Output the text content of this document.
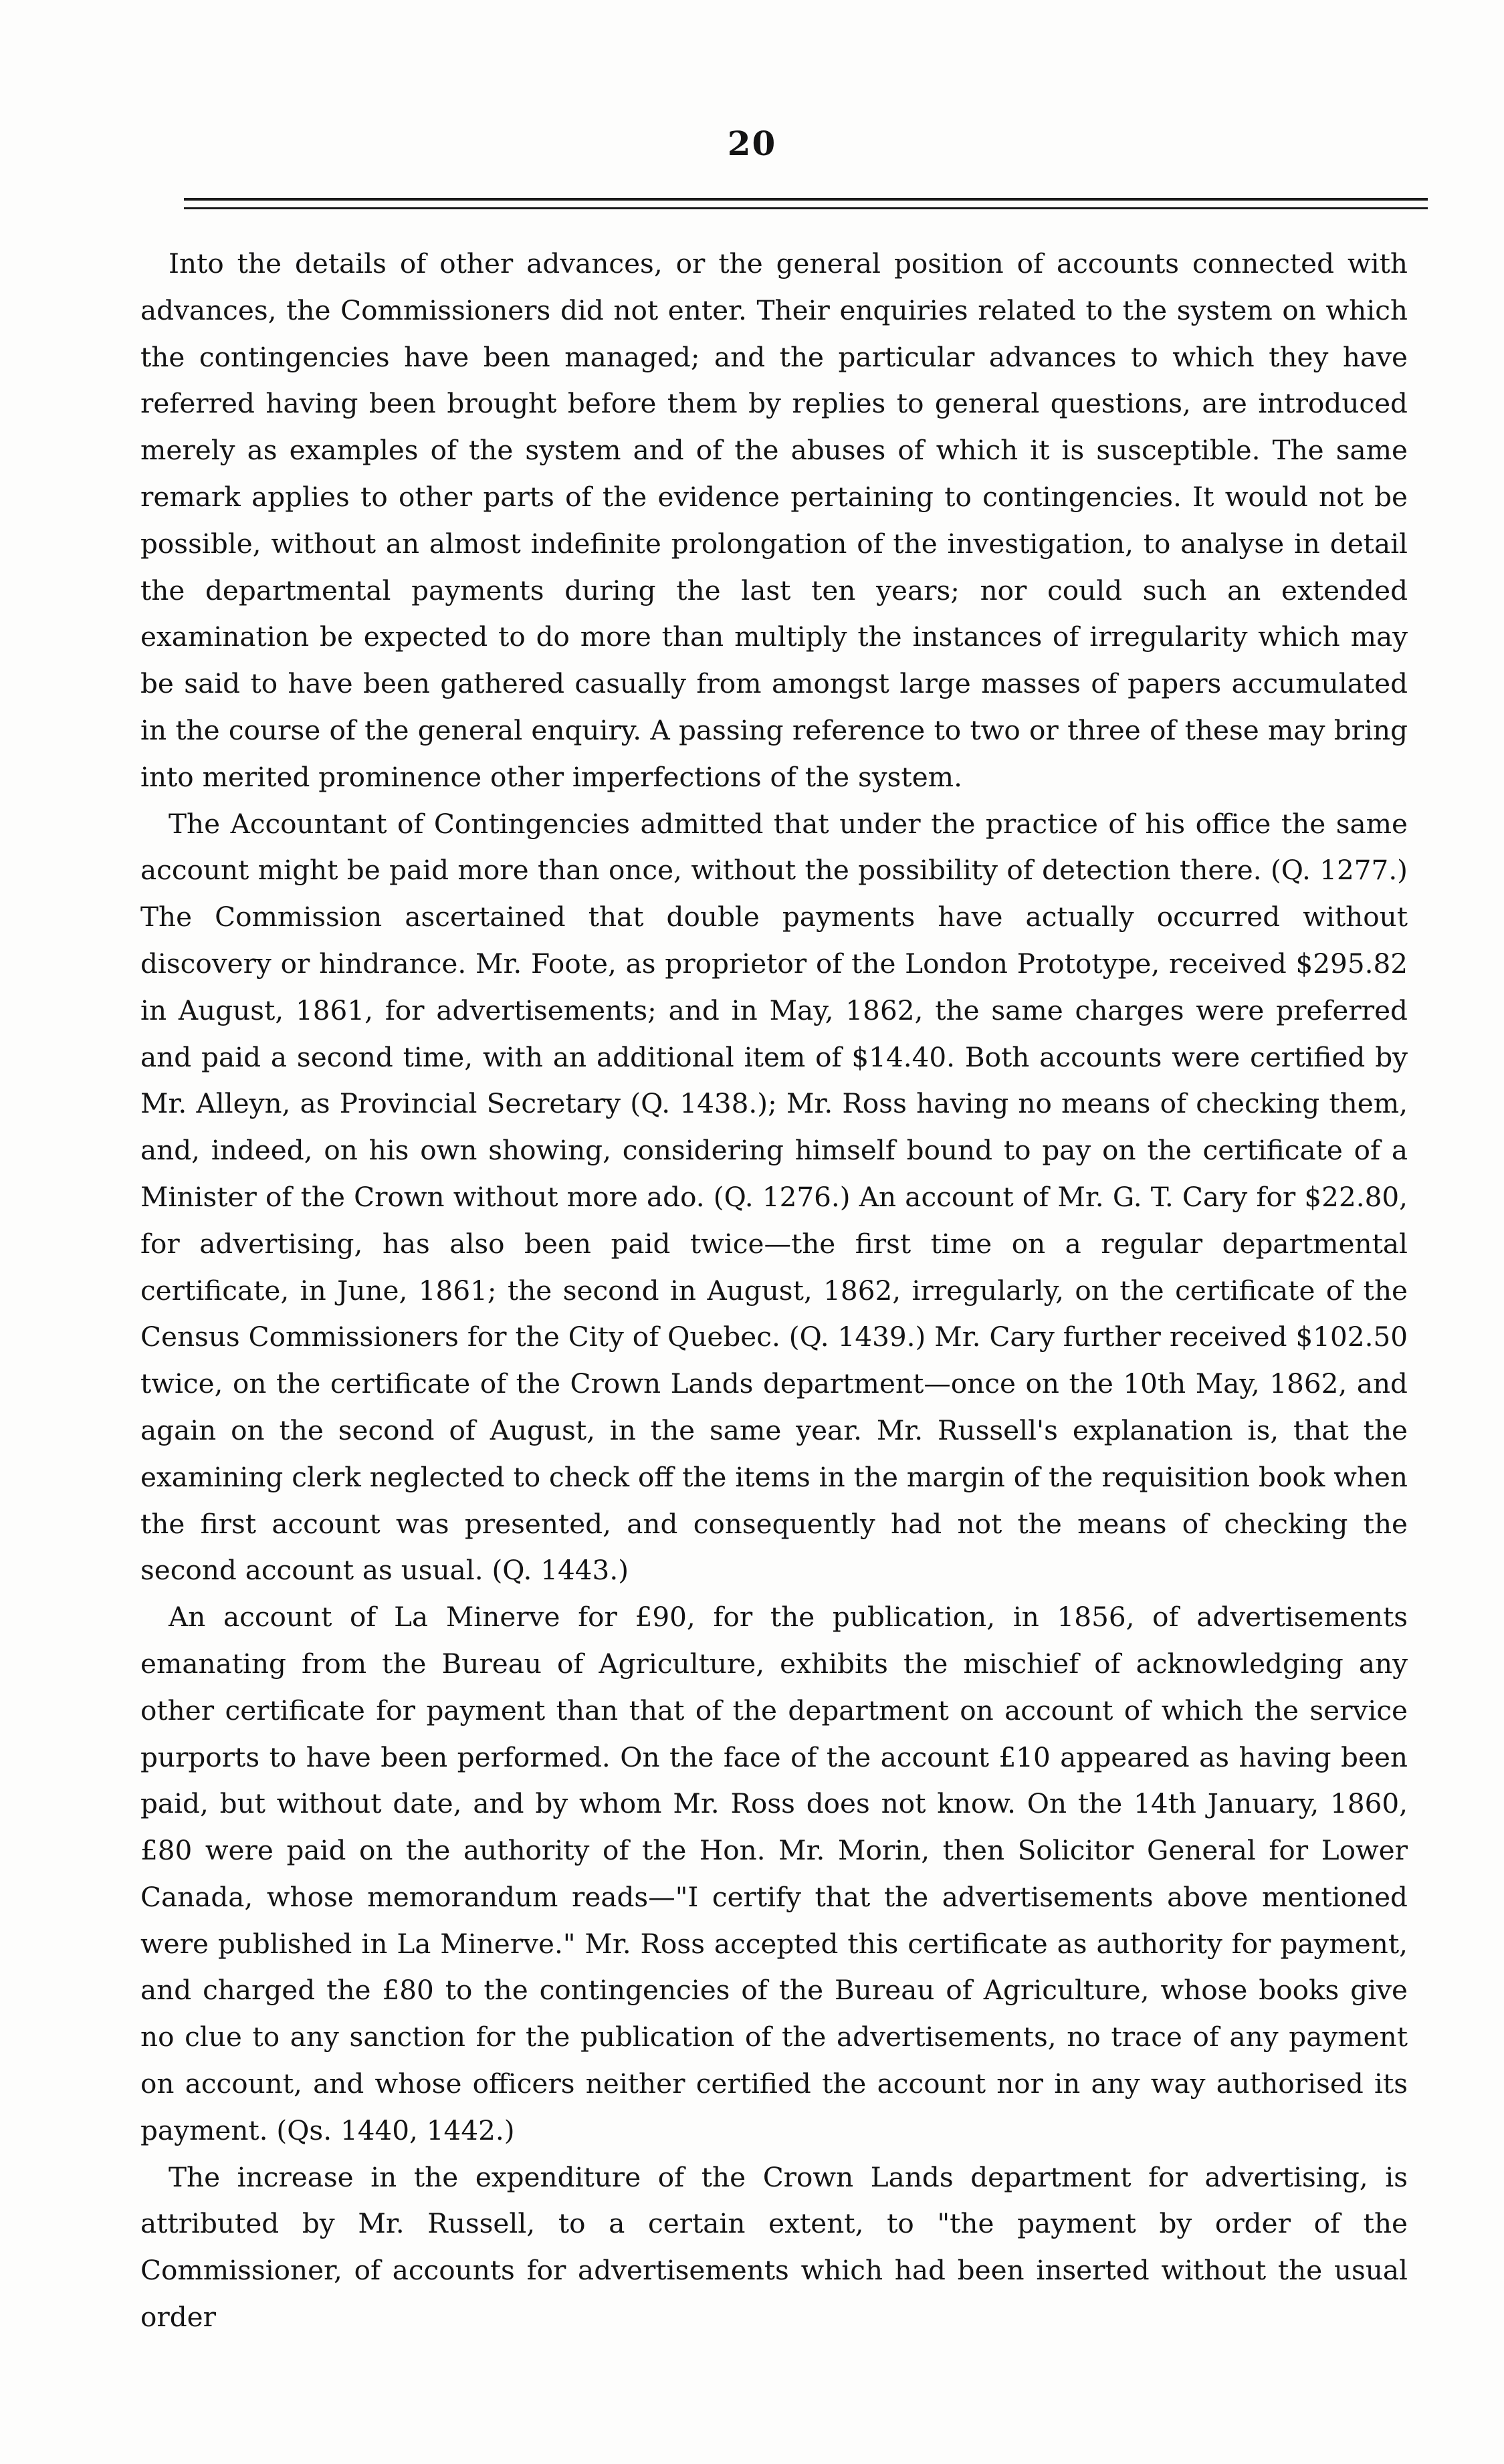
20

Into the details of other advances, or the general position of accounts connected with advances, the Commissioners did not enter. Their enquiries related to the system on which the contingencies have been managed; and the particular advances to which they have referred having been brought before them by replies to general questions, are introduced merely as examples of the system and of the abuses of which it is susceptible. The same remark applies to other parts of the evidence pertaining to contingencies. It would not be possible, without an almost indefinite prolongation of the investigation, to analyse in detail the departmental payments during the last ten years; nor could such an extended examination be expected to do more than multiply the instances of irregularity which may be said to have been gathered casually from amongst large masses of papers accumulated in the course of the general enquiry. A passing reference to two or three of these may bring into merited prominence other imperfections of the system.

The Accountant of Contingencies admitted that under the practice of his office the same account might be paid more than once, without the possibility of detection there. (Q. 1277.) The Commission ascertained that double payments have actually occurred without discovery or hindrance. Mr. Foote, as proprietor of the London Prototype, received $295.82 in August, 1861, for advertisements; and in May, 1862, the same charges were preferred and paid a second time, with an additional item of $14.40. Both accounts were certified by Mr. Alleyn, as Provincial Secretary (Q. 1438.); Mr. Ross having no means of checking them, and, indeed, on his own showing, considering himself bound to pay on the certificate of a Minister of the Crown without more ado. (Q. 1276.) An account of Mr. G. T. Cary for $22.80, for advertising, has also been paid twice—the first time on a regular departmental certificate, in June, 1861; the second in August, 1862, irregularly, on the certificate of the Census Commissioners for the City of Quebec. (Q. 1439.) Mr. Cary further received $102.50 twice, on the certificate of the Crown Lands department—once on the 10th May, 1862, and again on the second of August, in the same year. Mr. Russell's explanation is, that the examining clerk neglected to check off the items in the margin of the requisition book when the first account was presented, and consequently had not the means of checking the second account as usual. (Q. 1443.)

An account of La Minerve for £90, for the publication, in 1856, of advertisements emanating from the Bureau of Agriculture, exhibits the mischief of acknowledging any other certificate for payment than that of the department on account of which the service purports to have been performed. On the face of the account £10 appeared as having been paid, but without date, and by whom Mr. Ross does not know. On the 14th January, 1860, £80 were paid on the authority of the Hon. Mr. Morin, then Solicitor General for Lower Canada, whose memorandum reads—"I certify that the advertisements above mentioned were published in La Minerve." Mr. Ross accepted this certificate as authority for payment, and charged the £80 to the contingencies of the Bureau of Agriculture, whose books give no clue to any sanction for the publication of the advertisements, no trace of any payment on account, and whose officers neither certified the account nor in any way authorised its payment. (Qs. 1440, 1442.)

The increase in the expenditure of the Crown Lands department for advertising, is attributed by Mr. Russell, to a certain extent, to "the payment by order of the Commissioner, of accounts for advertisements which had been inserted without the usual order
